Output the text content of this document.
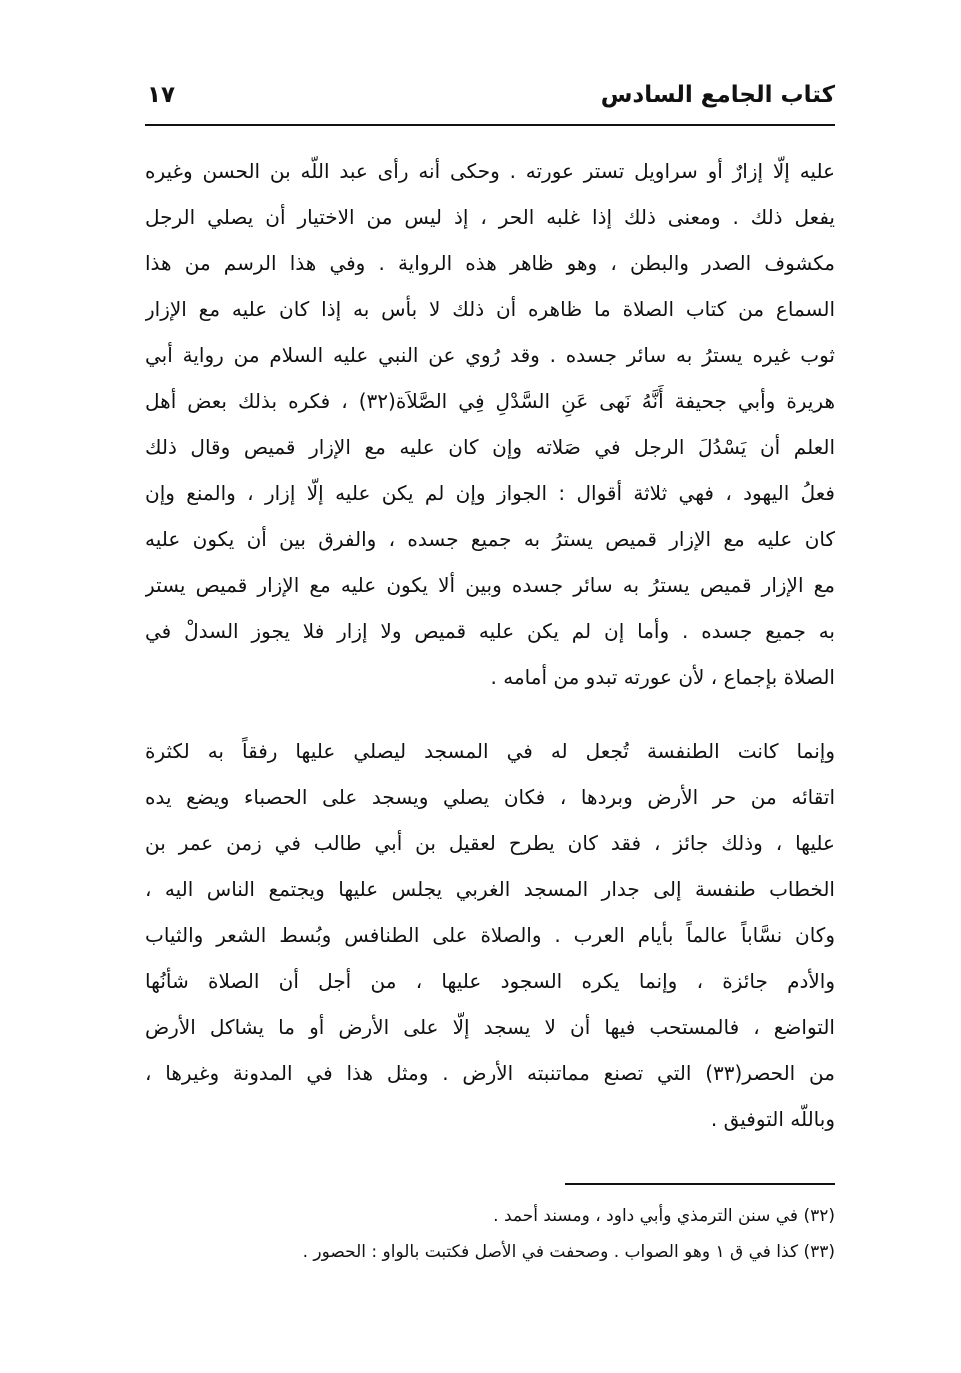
كتاب الجامع السادس
١٧
عليه إلّا إزارٌ أو سراويل تستر عورته . وحكى أنه رأى عبد اللّه بن الحسن وغيره
يفعل ذلك . ومعنى ذلك إذا غلبه الحر ، إذ ليس من الاختيار أن يصلي الرجل
مكشوف الصدر والبطن ، وهو ظاهر هذه الرواية . وفي هذا الرسم من هذا
السماع من كتاب الصلاة ما ظاهره أن ذلك لا بأس به إذا كان عليه مع الإزار
ثوب غيره يسترُ به سائر جسده . وقد رُوي عن النبي عليه السلام من رواية أبي
هريرة وأبي جحيفة أَنَّهُ نَهى عَنِ السَّدْلِ فِي الصَّلاَة(٣٢) ، فكره بذلك بعض أهل
العلم أن يَسْدُلَ الرجل في صَلاته وإن كان عليه مع الإزار قميص وقال ذلك
فعلُ اليهود ، فهي ثلاثة أقوال : الجواز وإن لم يكن عليه إلّا إزار ، والمنع وإن
كان عليه مع الإزار قميص يسترُ به جميع جسده ، والفرق بين أن يكون عليه
مع الإزار قميص يسترُ به سائر جسده وبين ألا يكون عليه مع الإزار قميص يستر
به جميع جسده . وأما إن لم يكن عليه قميص ولا إزار فلا يجوز السدلْ في
الصلاة بإجماع ، لأن عورته تبدو من أمامه .
وإنما كانت الطنفسة تُجعل له في المسجد ليصلي عليها رفقاً به لكثرة
اتقائه من حر الأرض وبردها ، فكان يصلي ويسجد على الحصباء ويضع يده
عليها ، وذلك جائز ، فقد كان يطرح لعقيل بن أبي طالب في زمن عمر بن
الخطاب طنفسة إلى جدار المسجد الغربي يجلس عليها ويجتمع الناس اليه ،
وكان نسَّاباً عالماً بأيام العرب . والصلاة على الطنافس وبُسط الشعر والثياب
والأدم جائزة ، وإنما يكره السجود عليها ، من أجل أن الصلاة شأنُها
التواضع ، فالمستحب فيها أن لا يسجد إلّا على الأرض أو ما يشاكل الأرض
من الحصر(٣٣) التي تصنع مماتنبته الأرض . ومثل هذا في المدونة وغيرها ،
وباللّه التوفيق .
(٣٢) في سنن الترمذي وأبي داود ، ومسند أحمد .
(٣٣) كذا في ق ١ وهو الصواب . وصحفت في الأصل فكتبت بالواو : الحصور .
